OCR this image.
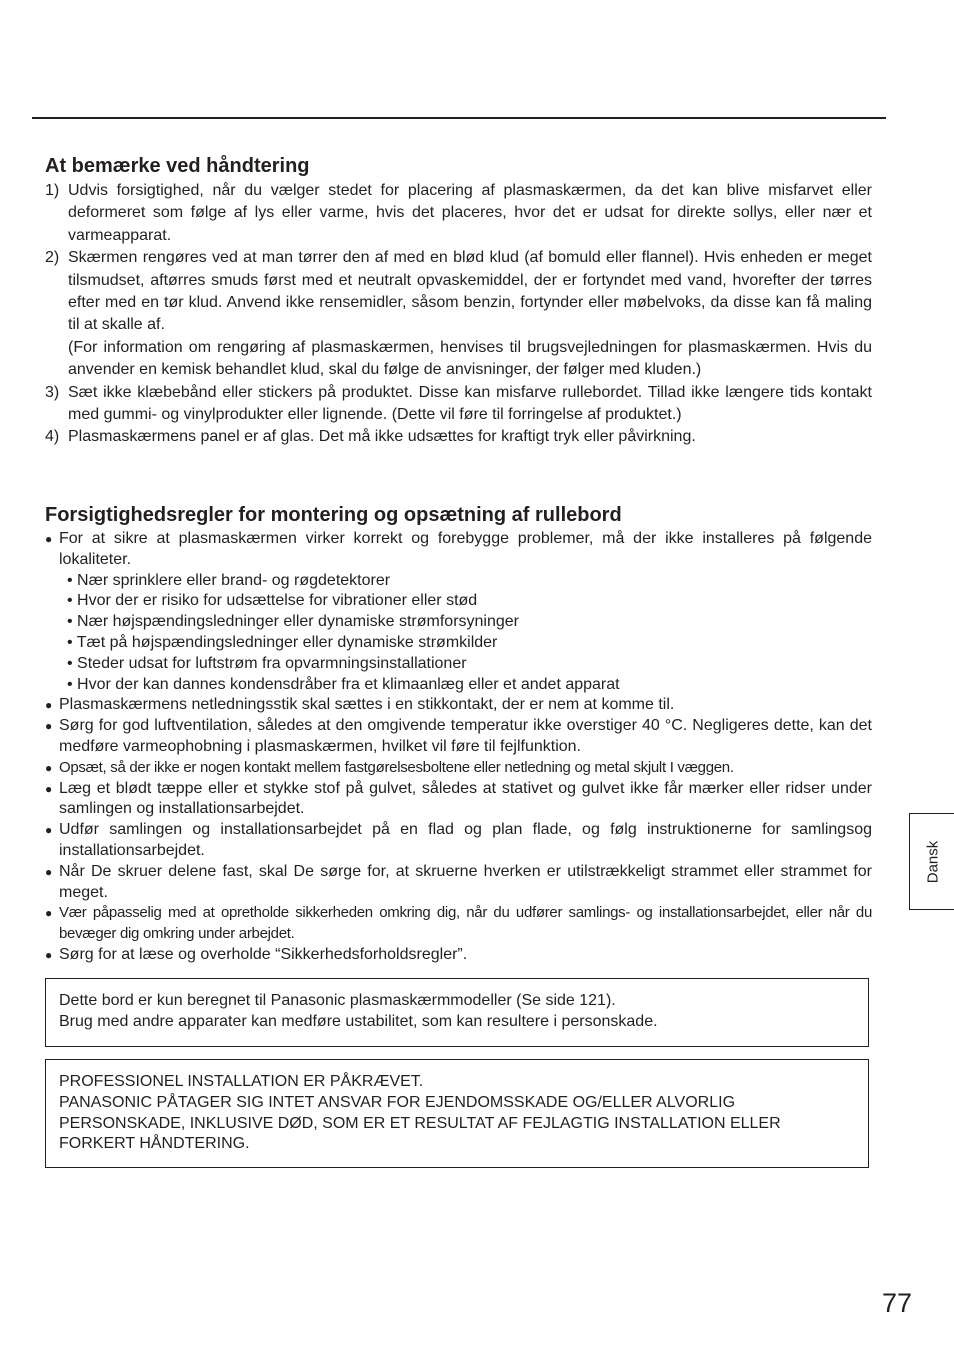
At bemærke ved håndtering
1) Udvis forsigtighed, når du vælger stedet for placering af plasmaskærmen, da det kan blive misfarvet eller deformeret som følge af lys eller varme, hvis det placeres, hvor det er udsat for direkte sollys, eller nær et varmeapparat.

2) Skærmen rengøres ved at man tørrer den af med en blød klud (af bomuld eller flannel). Hvis enheden er meget tilsmudset, aftørres smuds først med et neutralt opvaskemiddel, der er fortyndet med vand, hvorefter der tørres efter med en tør klud. Anvend ikke rensemidler, såsom benzin, fortynder eller møbelvoks, da disse kan få maling til at skalle af.

(For information om rengøring af plasmaskærmen, henvises til brugsvejledningen for plasmaskærmen. Hvis du anvender en kemisk behandlet klud, skal du følge de anvisninger, der følger med kluden.)

3) Sæt ikke klæbebånd eller stickers på produktet. Disse kan misfarve rullebordet. Tillad ikke længere tids kontakt med gummi- og vinylprodukter eller lignende. (Dette vil føre til forringelse af produktet.)

4) Plasmaskærmens panel er af glas. Det må ikke udsættes for kraftigt tryk eller påvirkning.

Forsigtighedsregler for montering og opsætning af rullebord
● For at sikre at plasmaskærmen virker korrekt og forebygge problemer, må der ikke installeres på følgende lokaliteter.
• Nær sprinklere eller brand- og røgdetektorer
• Hvor der er risiko for udsættelse for vibrationer eller stød
• Nær højspændingsledninger eller dynamiske strømforsyninger
• Tæt på højspændingsledninger eller dynamiske strømkilder
• Steder udsat for luftstrøm fra opvarmningsinstallationer
• Hvor der kan dannes kondensdråber fra et klimaanlæg eller et andet apparat
● Plasmaskærmens netledningsstik skal sættes i en stikkontakt, der er nem at komme til.
● Sørg for god luftventilation, således at den omgivende temperatur ikke overstiger 40 °C. Negligeres dette, kan det medføre varmeophobning i plasmaskærmen, hvilket vil føre til fejlfunktion.
● Opsæt, så der ikke er nogen kontakt mellem fastgørelsesboltene eller netledning og metal skjult I væggen.
● Læg et blødt tæppe eller et stykke stof på gulvet, således at stativet og gulvet ikke får mærker eller ridser under samlingen og installationsarbejdet.
● Udfør samlingen og installationsarbejdet på en flad og plan flade, og følg instruktionerne for samlingsog installationsarbejdet.
● Når De skruer delene fast, skal De sørge for, at skruerne hverken er utilstrækkeligt strammet eller strammet for meget.
● Vær påpasselig med at opretholde sikkerheden omkring dig, når du udfører samlings- og installationsarbejdet, eller når du bevæger dig omkring under arbejdet.
● Sørg for at læse og overholde “Sikkerhedsforholdsregler”.

Dette bord er kun beregnet til Panasonic plasmaskærmmodeller (Se side 121).

Brug med andre apparater kan medføre ustabilitet, som kan resultere i personskade.

PROFESSIONEL INSTALLATION ER PÅKRÆVET.

PANASONIC PÅTAGER SIG INTET ANSVAR FOR EJENDOMSSKADE OG/ELLER ALVORLIG PERSONSKADE, INKLUSIVE DØD, SOM ER ET RESULTAT AF FEJLAGTIG INSTALLATION ELLER FORKERT HÅNDTERING.

Dansk
77
